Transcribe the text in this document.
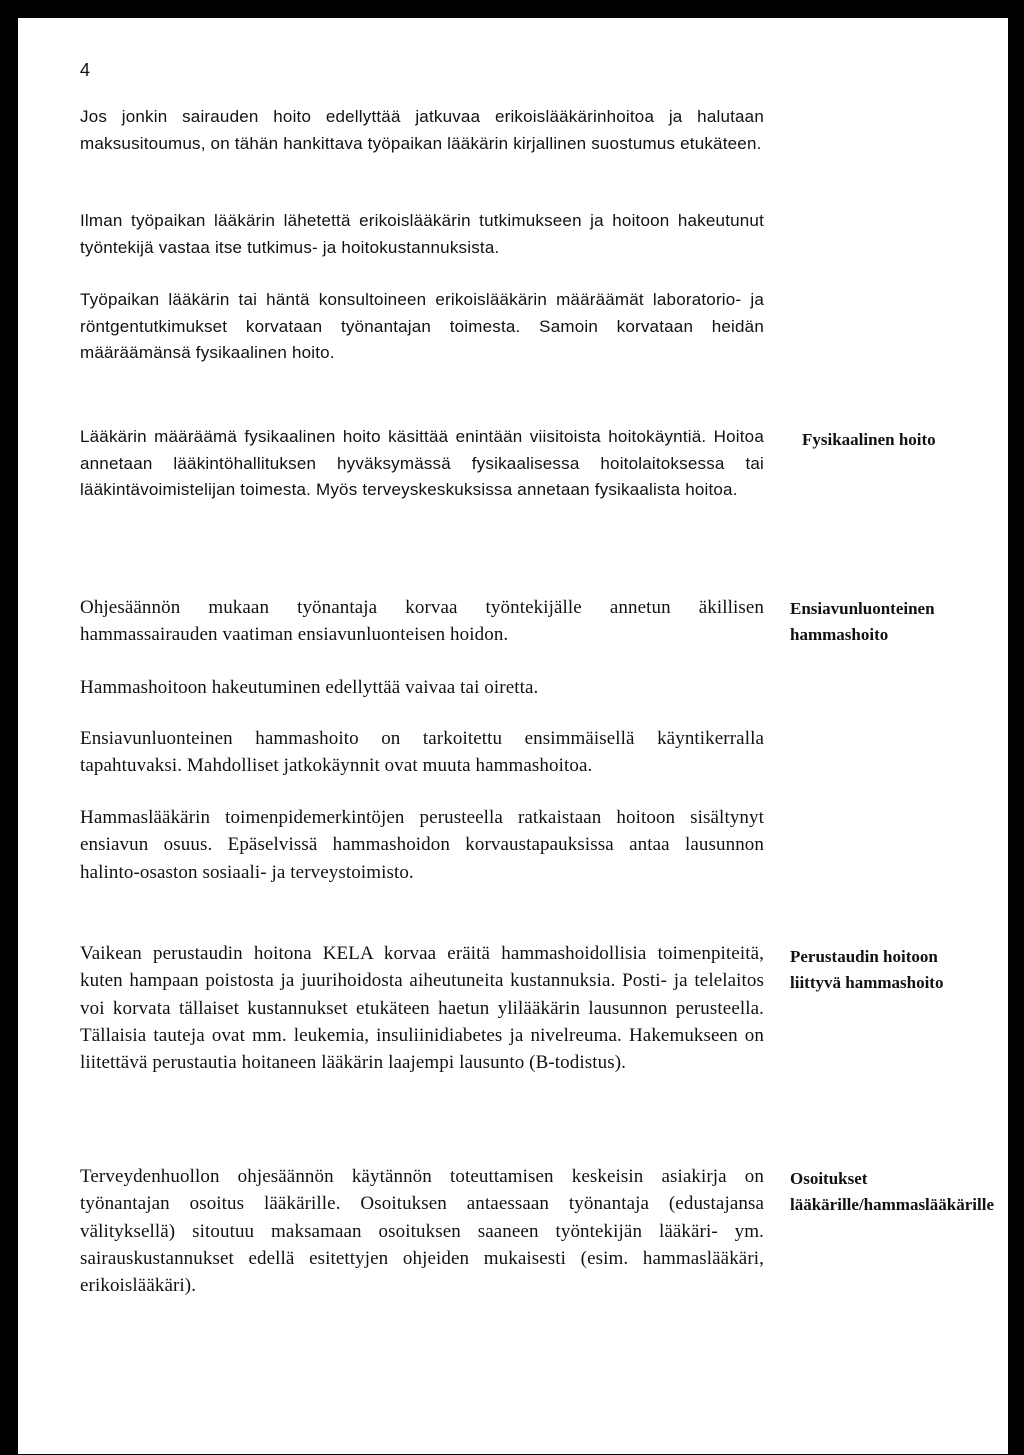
4

Jos jonkin sairauden hoito edellyttää jatkuvaa erikoislääkärinhoitoa ja halutaan maksusitoumus, on tähän hankittava työpaikan lääkärin kirjallinen suostumus etukäteen.

Ilman työpaikan lääkärin lähetettä erikoislääkärin tutkimukseen ja hoitoon hakeutunut työntekijä vastaa itse tutkimus- ja hoitokustannuksista.

Työpaikan lääkärin tai häntä konsultoineen erikoislääkärin määräämät laboratorio- ja röntgentutkimukset korvataan työnantajan toimesta. Samoin korvataan heidän määräämänsä fysikaalinen hoito.

Lääkärin määräämä fysikaalinen hoito käsittää enintään viisitoista hoitokäyntiä. Hoitoa annetaan lääkintöhallituksen hyväksymässä fysikaalisessa hoitolaitoksessa tai lääkintävoimistelijan toimesta. Myös terveyskeskuksissa annetaan fysikaalista hoitoa.

Fysikaalinen hoito

Ohjesäännön mukaan työnantaja korvaa työntekijälle annetun äkillisen hammassairauden vaatiman ensiavunluonteisen hoidon.

Ensiavunluonteinen hammashoito

Hammashoitoon hakeutuminen edellyttää vaivaa tai oiretta.

Ensiavunluonteinen hammashoito on tarkoitettu ensimmäisellä käyntikerralla tapahtuvaksi. Mahdolliset jatkokäynnit ovat muuta hammashoitoa.

Hammaslääkärin toimenpidemerkintöjen perusteella ratkaistaan hoitoon sisältynyt ensiavun osuus. Epäselvissä hammashoidon korvaustapauksissa antaa lausunnon halinto-osaston sosiaali- ja terveystoimisto.

Vaikean perustaudin hoitona KELA korvaa eräitä hammashoidollisia toimenpiteitä, kuten hampaan poistosta ja juurihoidosta aiheutuneita kustannuksia. Posti- ja telelaitos voi korvata tällaiset kustannukset etukäteen haetun ylilääkärin lausunnon perusteella. Tällaisia tauteja ovat mm. leukemia, insuliinidiabetes ja nivelreuma. Hakemukseen on liitettävä perustautia hoitaneen lääkärin laajempi lausunto (B-todistus).

Perustaudin hoitoon liittyvä hammashoito

Terveydenhuollon ohjesäännön käytännön toteuttamisen keskeisin asiakirja on työnantajan osoitus lääkärille. Osoituksen antaessaan työnantaja (edustajansa välityksellä) sitoutuu maksamaan osoituksen saaneen työntekijän lääkäri- ym. sairauskustannukset edellä esitettyjen ohjeiden mukaisesti (esim. hammaslääkäri, erikoislääkäri).

Osoitukset lääkärille/hammaslääkärille
